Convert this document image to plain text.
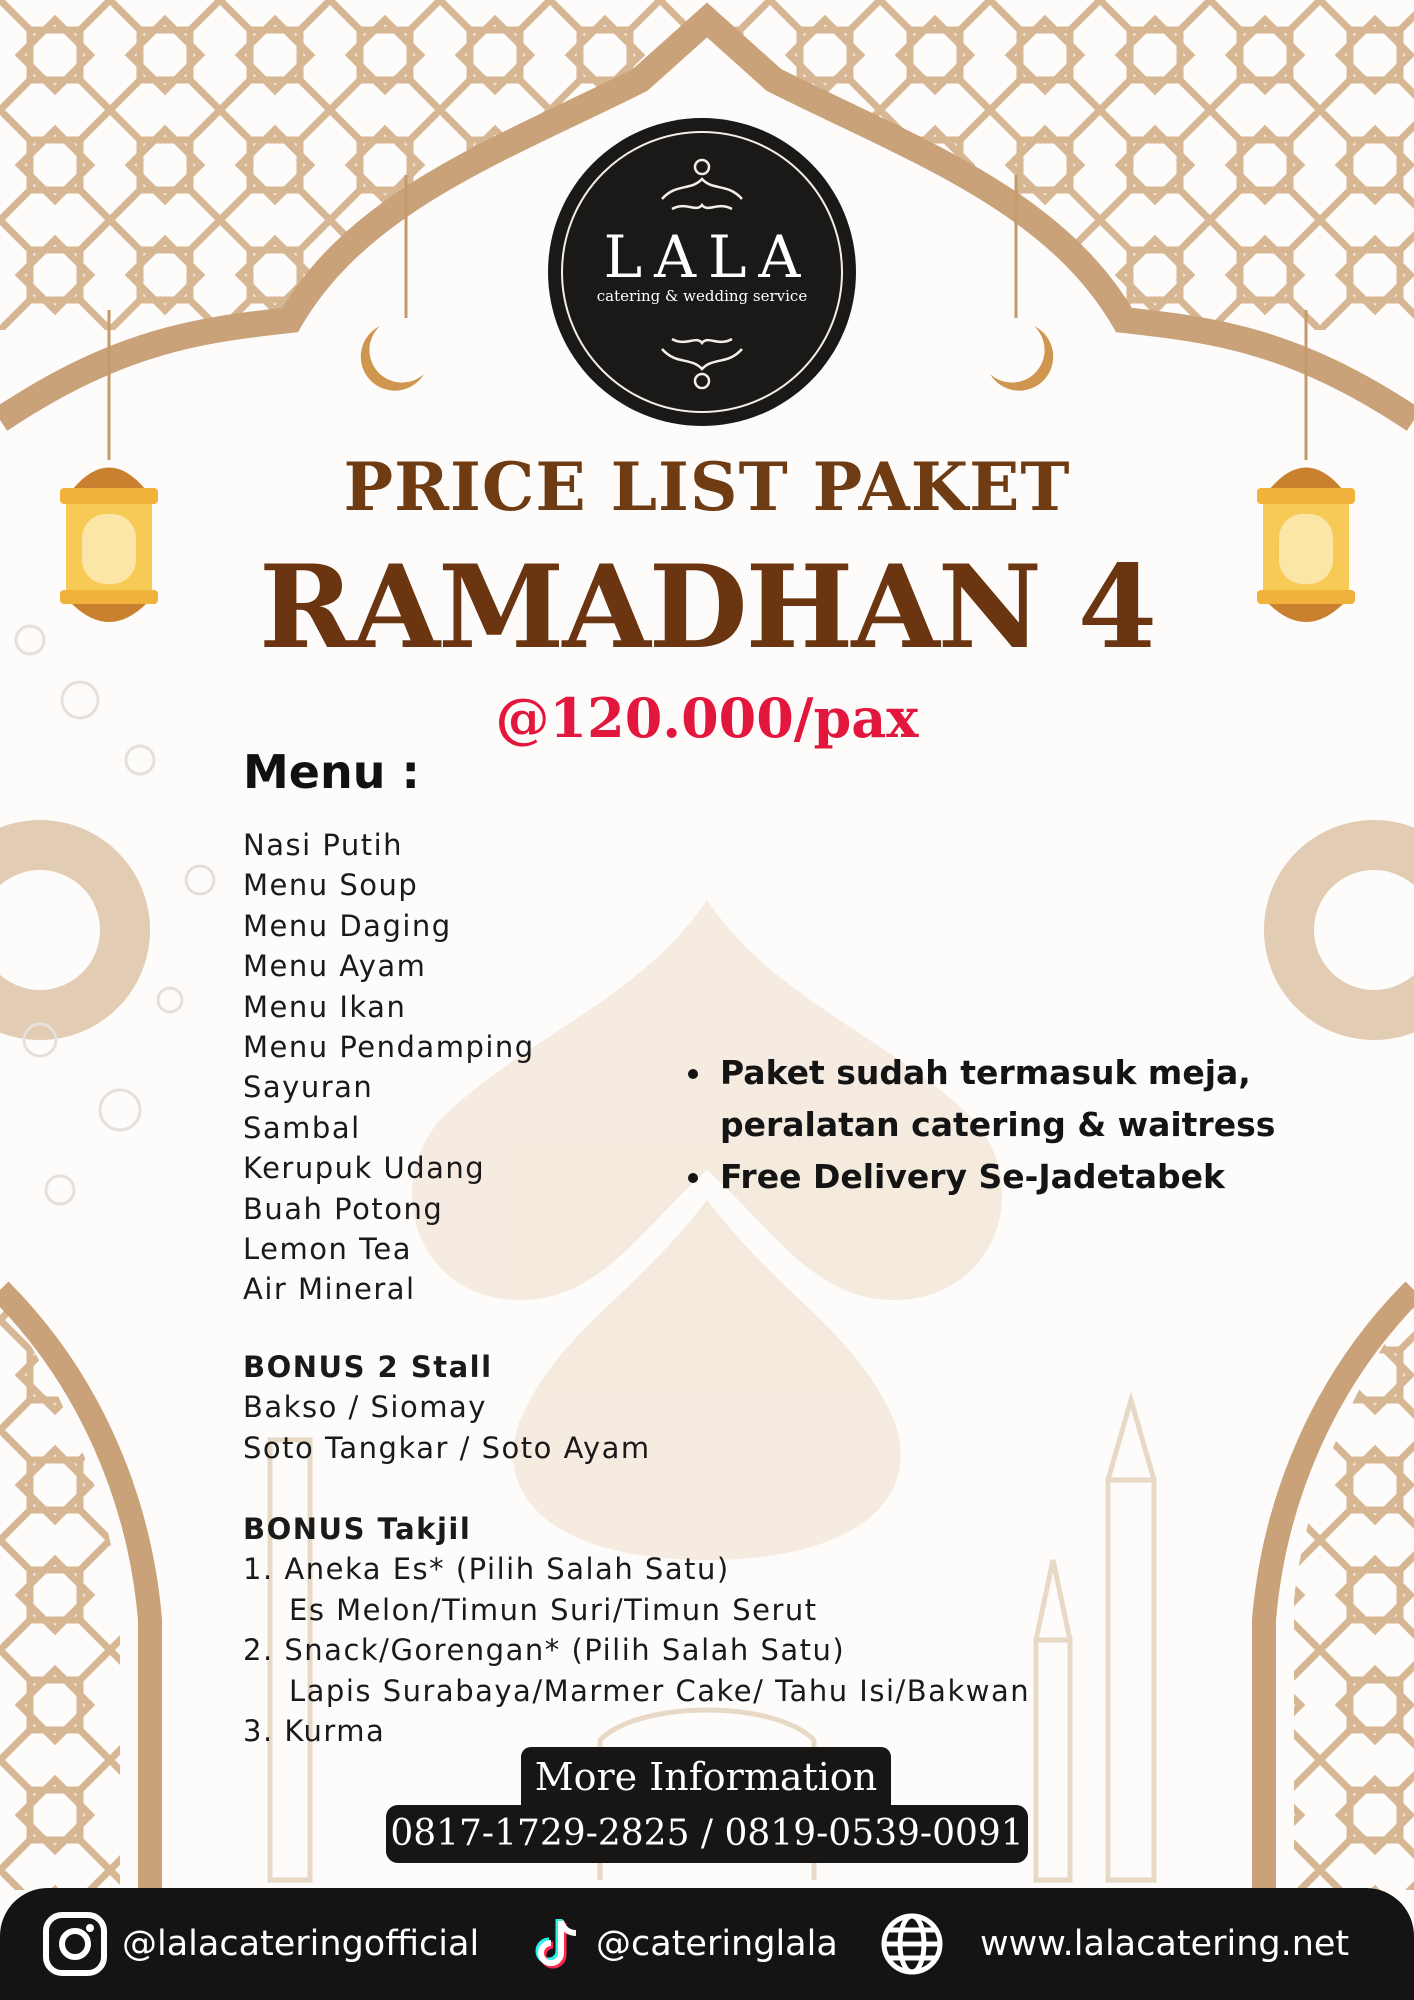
LALA
catering & wedding service
PRICE LIST PAKET
RAMADHAN 4
@120.000/pax
Menu :
Nasi Putih
Menu Soup
Menu Daging
Menu Ayam
Menu Ikan
Menu Pendamping
Sayuran
Sambal
Kerupuk Udang
Buah Potong
Lemon Tea
Air Mineral
BONUS 2 Stall
Bakso / Siomay
Soto Tangkar / Soto Ayam
BONUS Takjil
1. Aneka Es* (Pilih Salah Satu)
Es Melon/Timun Suri/Timun Serut
2. Snack/Gorengan* (Pilih Salah Satu)
Lapis Surabaya/Marmer Cake/ Tahu Isi/Bakwan
3. Kurma
Paket sudah termasuk meja, peralatan catering & waitress
Free Delivery Se-Jadetabek
More Information
0817-1729-2825 / 0819-0539-0091
@lalacateringofficial	@cateringlala	www.lalacatering.net
